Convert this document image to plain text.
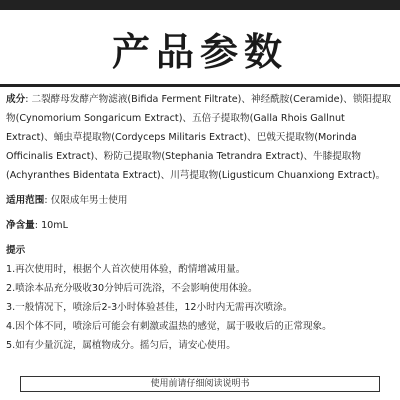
产品参数

成分: 二裂酵母发酵产物滤液(Bifida Ferment Filtrate)、神经酰胺(Ceramide)、锁阳提取物(Cynomorium Songaricum Extract)、五倍子提取物(Galla Rhois Gallnut Extract)、蛹虫草提取物(Cordyceps Militaris Extract)、巴戟天提取物(Morinda Officinalis Extract)、粉防己提取物(Stephania Tetrandra Extract)、牛膝提取物(Achyranthes Bidentata Extract)、川芎提取物(Ligusticum Chuanxiong Extract)。

适用范围: 仅限成年男士使用

净含量: 10mL

提示

1.再次使用时，根据个人首次使用体验，酌情增减用量。

2.喷涂本品充分吸收30分钟后可洗浴，不会影响使用体验。

3.一般情况下，喷涂后2-3小时体验甚佳，12小时内无需再次喷涂。

4.因个体不同，喷涂后可能会有刺激或温热的感觉，属于吸收后的正常现象。

5.如有少量沉淀，属植物成分。摇匀后，请安心使用。

使用前请仔细阅读说明书
